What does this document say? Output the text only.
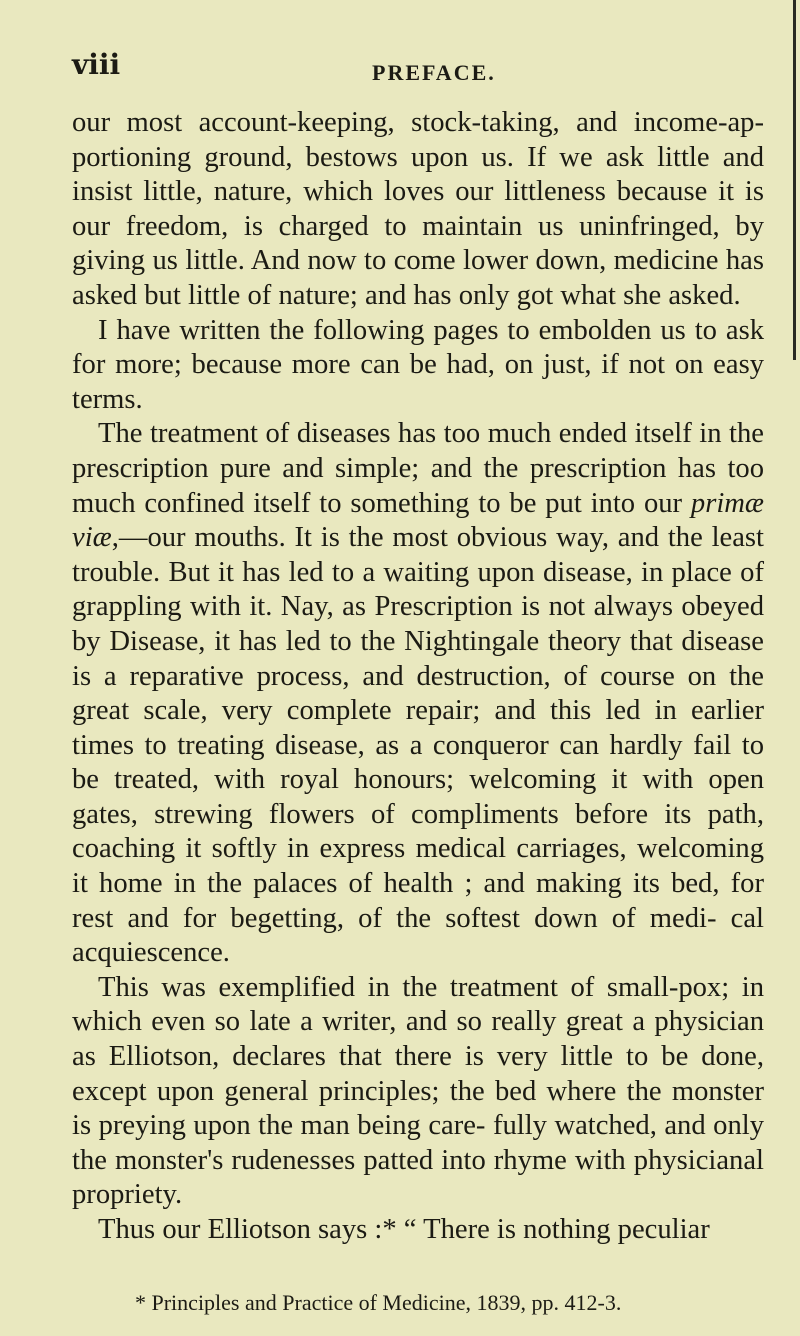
viii	PREFACE.

our most account-keeping, stock-taking, and income-ap- portioning ground, bestows upon us. If we ask little and insist little, nature, which loves our littleness because it is our freedom, is charged to maintain us uninfringed, by giving us little. And now to come lower down, medicine has asked but little of nature; and has only got what she asked.

I have written the following pages to embolden us to ask for more; because more can be had, on just, if not on easy terms.

The treatment of diseases has too much ended itself in the prescription pure and simple; and the prescription has too much confined itself to something to be put into our primæ viæ,—our mouths. It is the most obvious way, and the least trouble. But it has led to a waiting upon disease, in place of grappling with it. Nay, as Prescription is not always obeyed by Disease, it has led to the Nightingale theory that disease is a reparative process, and destruction, of course on the great scale, very complete repair; and this led in earlier times to treating disease, as a conqueror can hardly fail to be treated, with royal honours; welcoming it with open gates, strewing flowers of compliments before its path, coaching it softly in express medical carriages, welcoming it home in the palaces of health ; and making its bed, for rest and for begetting, of the softest down of medi- cal acquiescence.

This was exemplified in the treatment of small-pox; in which even so late a writer, and so really great a physician as Elliotson, declares that there is very little to be done, except upon general principles; the bed where the monster is preying upon the man being care- fully watched, and only the monster's rudenesses patted into rhyme with physicianal propriety.

Thus our Elliotson says :* “ There is nothing peculiar

* Principles and Practice of Medicine, 1839, pp. 412-3.
